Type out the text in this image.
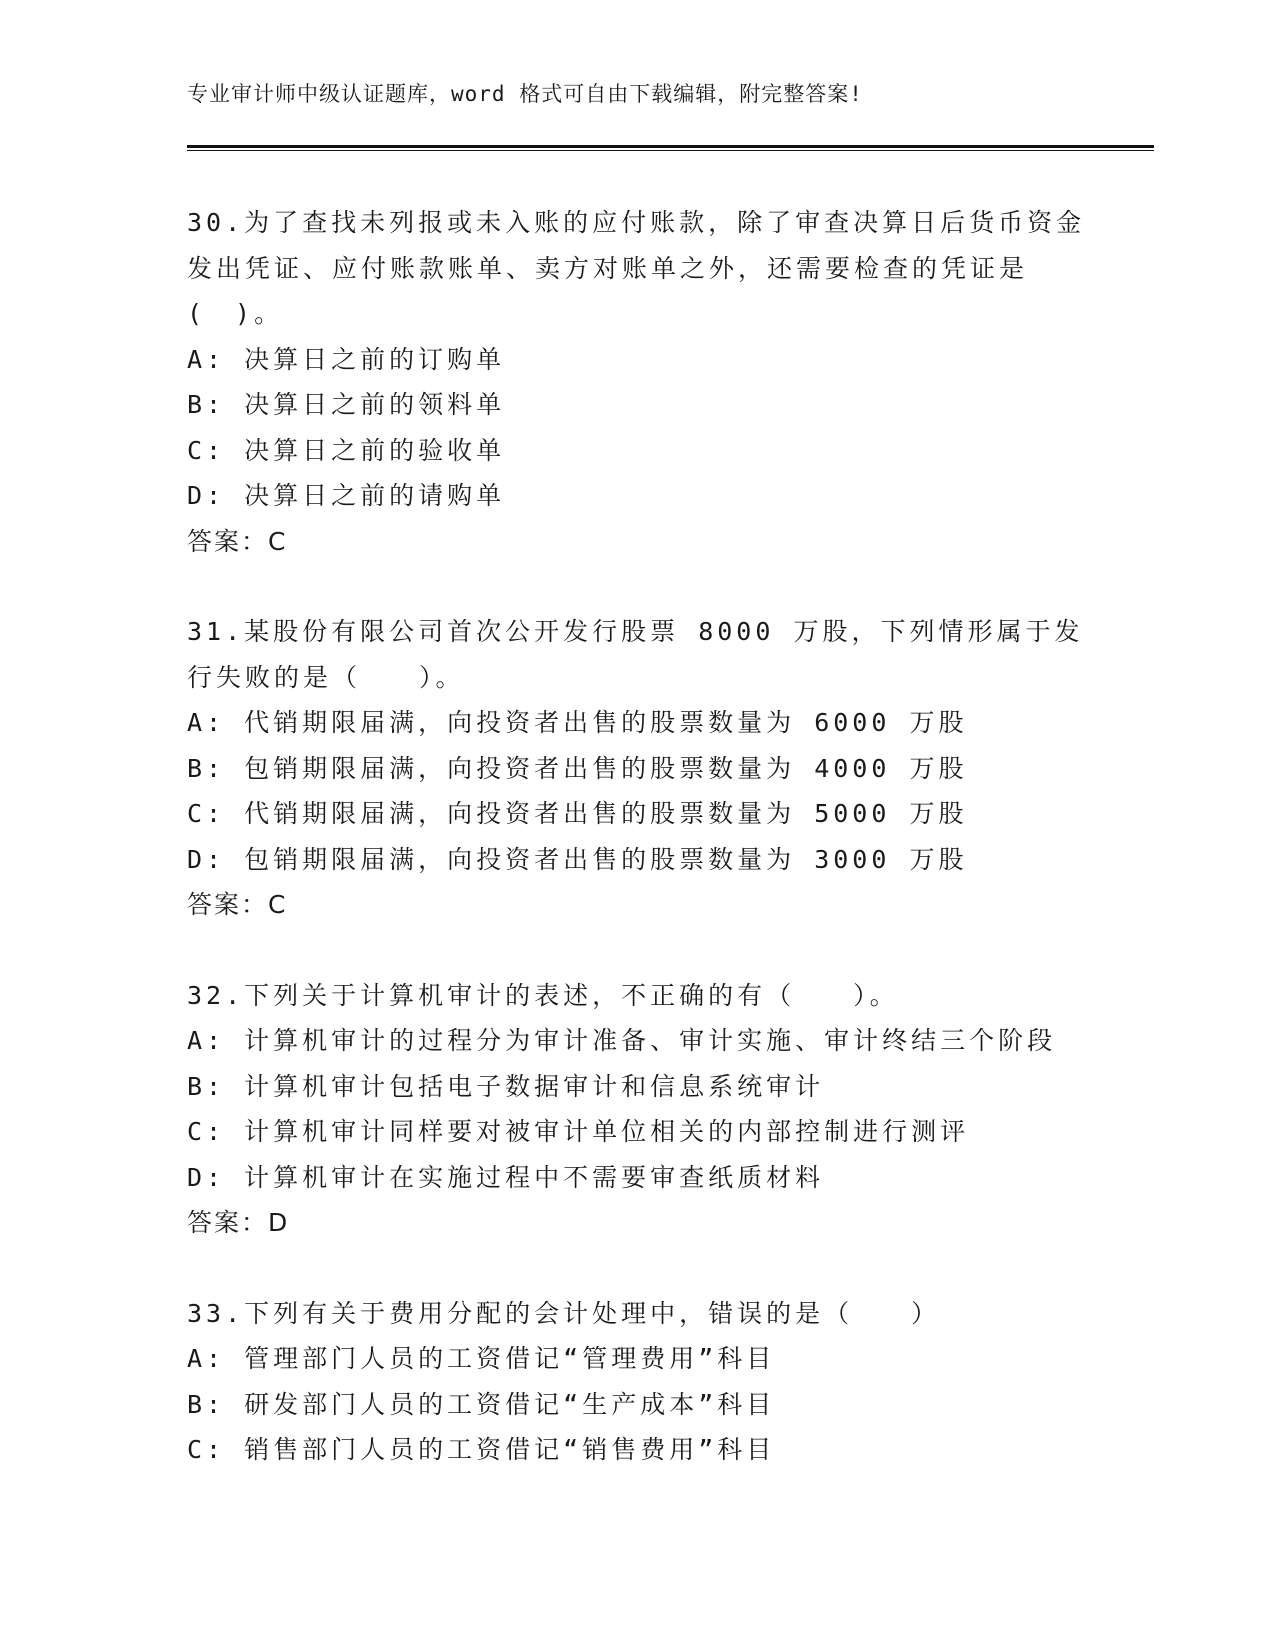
专业审计师中级认证题库，word 格式可自由下载编辑，附完整答案!
30.为了查找未列报或未入账的应付账款，除了审查决算日后货币资金发出凭证、应付账款账单、卖方对账单之外，还需要检查的凭证是(　)。
A: 决算日之前的订购单
B: 决算日之前的领料单
C: 决算日之前的验收单
D: 决算日之前的请购单
答案：C
31.某股份有限公司首次公开发行股票 8000 万股，下列情形属于发行失败的是（　　）。
A: 代销期限届满，向投资者出售的股票数量为 6000 万股
B: 包销期限届满，向投资者出售的股票数量为 4000 万股
C: 代销期限届满，向投资者出售的股票数量为 5000 万股
D: 包销期限届满，向投资者出售的股票数量为 3000 万股
答案：C
32.下列关于计算机审计的表述，不正确的有（　　）。
A: 计算机审计的过程分为审计准备、审计实施、审计终结三个阶段
B: 计算机审计包括电子数据审计和信息系统审计
C: 计算机审计同样要对被审计单位相关的内部控制进行测评
D: 计算机审计在实施过程中不需要审查纸质材料
答案：D
33.下列有关于费用分配的会计处理中，错误的是（　　）
A: 管理部门人员的工资借记“管理费用”科目
B: 研发部门人员的工资借记“生产成本”科目
C: 销售部门人员的工资借记“销售费用”科目
